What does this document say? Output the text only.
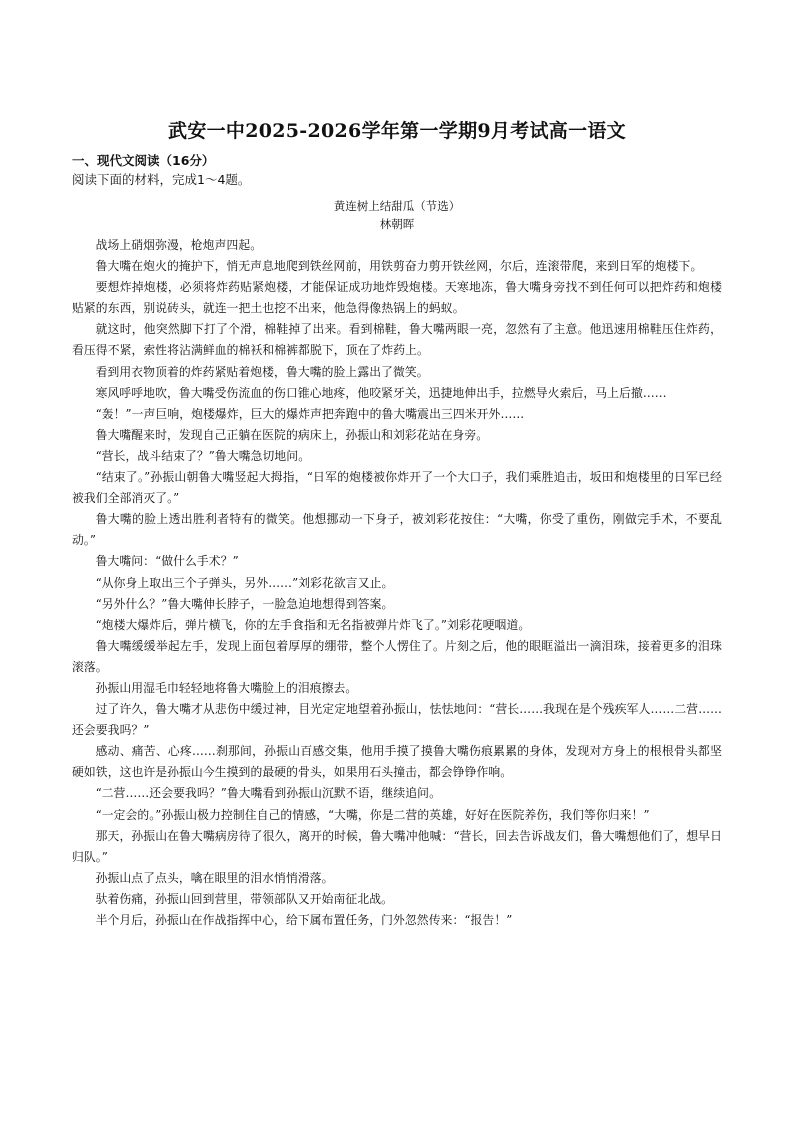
武安一中2025-2026学年第一学期9月考试高一语文

一、现代文阅读（16分）

阅读下面的材料，完成1～4题。

黄连树上结甜瓜（节选）

林朝晖

战场上硝烟弥漫，枪炮声四起。

鲁大嘴在炮火的掩护下，悄无声息地爬到铁丝网前，用铁剪奋力剪开铁丝网，尔后，连滚带爬，来到日军的炮楼下。

要想炸掉炮楼，必须将炸药贴紧炮楼，才能保证成功地炸毁炮楼。天寒地冻，鲁大嘴身旁找不到任何可以把炸药和炮楼贴紧的东西，别说砖头，就连一把土也挖不出来，他急得像热锅上的蚂蚁。

就这时，他突然脚下打了个滑，棉鞋掉了出来。看到棉鞋，鲁大嘴两眼一亮，忽然有了主意。他迅速用棉鞋压住炸药，看压得不紧，索性将沾满鲜血的棉袄和棉裤都脱下，顶在了炸药上。

看到用衣物顶着的炸药紧贴着炮楼，鲁大嘴的脸上露出了微笑。

寒风呼呼地吹，鲁大嘴受伤流血的伤口锥心地疼，他咬紧牙关，迅捷地伸出手，拉燃导火索后，马上后撤……

“轰！”一声巨响，炮楼爆炸，巨大的爆炸声把奔跑中的鲁大嘴震出三四米开外……

鲁大嘴醒来时，发现自己正躺在医院的病床上，孙振山和刘彩花站在身旁。

“营长，战斗结束了？”鲁大嘴急切地问。

“结束了。”孙振山朝鲁大嘴竖起大拇指，“日军的炮楼被你炸开了一个大口子，我们乘胜追击，坂田和炮楼里的日军已经被我们全部消灭了。”

鲁大嘴的脸上透出胜利者特有的微笑。他想挪动一下身子，被刘彩花按住：“大嘴，你受了重伤，刚做完手术，不要乱动。”

鲁大嘴问：“做什么手术？”

“从你身上取出三个子弹头，另外……”刘彩花欲言又止。

“另外什么？”鲁大嘴伸长脖子，一脸急迫地想得到答案。

“炮楼大爆炸后，弹片横飞，你的左手食指和无名指被弹片炸飞了。”刘彩花哽咽道。

鲁大嘴缓缓举起左手，发现上面包着厚厚的绷带，整个人愣住了。片刻之后，他的眼眶溢出一滴泪珠，接着更多的泪珠滚落。

孙振山用湿毛巾轻轻地将鲁大嘴脸上的泪痕擦去。

过了许久，鲁大嘴才从悲伤中缓过神，目光定定地望着孙振山，怯怯地问：“营长……我现在是个残疾军人……二营……还会要我吗？”

感动、痛苦、心疼……刹那间，孙振山百感交集，他用手摸了摸鲁大嘴伤痕累累的身体，发现对方身上的根根骨头都坚硬如铁，这也许是孙振山今生摸到的最硬的骨头，如果用石头撞击，都会铮铮作响。

“二营……还会要我吗？”鲁大嘴看到孙振山沉默不语，继续追问。

“一定会的。”孙振山极力控制住自己的情感，“大嘴，你是二营的英雄，好好在医院养伤，我们等你归来！”

那天，孙振山在鲁大嘴病房待了很久，离开的时候，鲁大嘴冲他喊：“营长，回去告诉战友们，鲁大嘴想他们了，想早日归队。”

孙振山点了点头，噙在眼里的泪水悄悄滑落。

驮着伤痛，孙振山回到营里，带领部队又开始南征北战。

半个月后，孙振山在作战指挥中心，给下属布置任务，门外忽然传来：“报告！”
